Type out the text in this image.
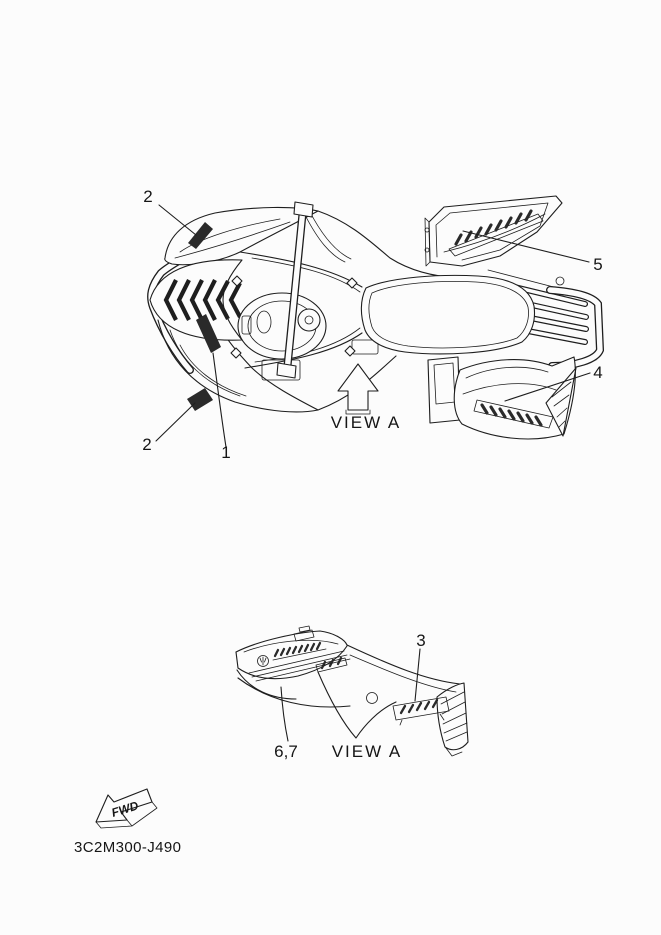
2
5
4
2	1
VIEW A
3
6,7 VIEW A
FWD
3C2M300-J490
